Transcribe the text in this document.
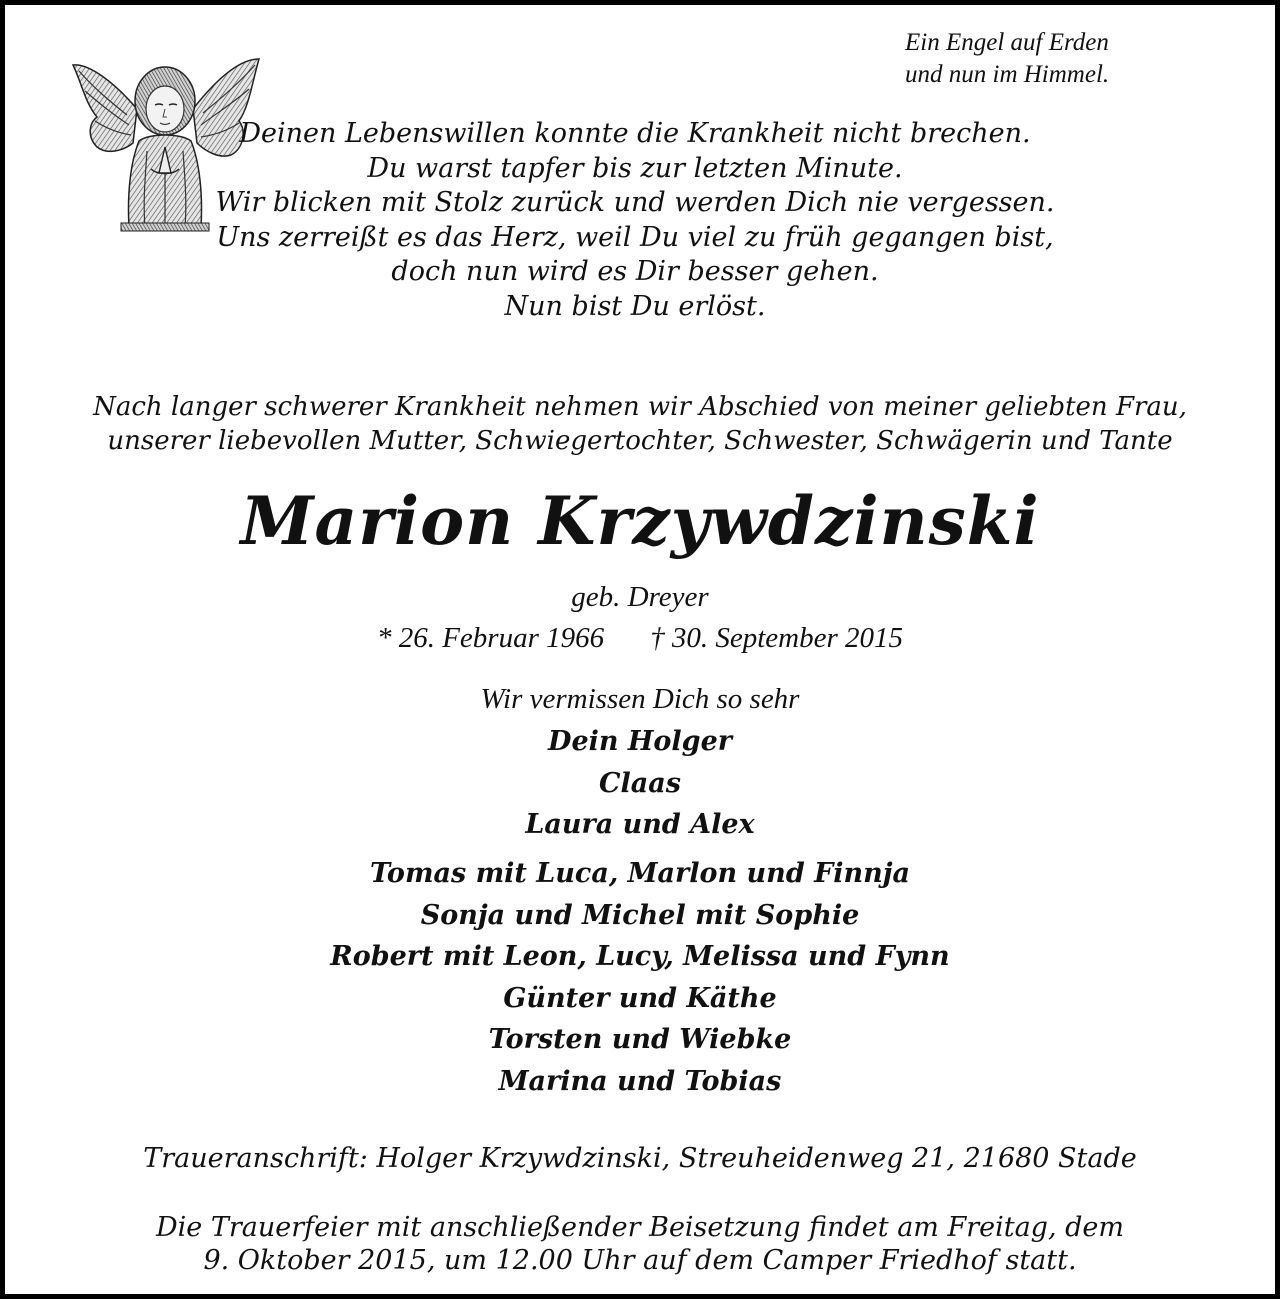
Ein Engel auf Erden
und nun im Himmel.
Deinen Lebenswillen konnte die Krankheit nicht brechen.
Du warst tapfer bis zur letzten Minute.
Wir blicken mit Stolz zurück und werden Dich nie vergessen.
Uns zerreißt es das Herz, weil Du viel zu früh gegangen bist,
doch nun wird es Dir besser gehen.
Nun bist Du erlöst.
Nach langer schwerer Krankheit nehmen wir Abschied von meiner geliebten Frau,
unserer liebevollen Mutter, Schwiegertochter, Schwester, Schwägerin und Tante
Marion Krzywdzinski
geb. Dreyer
* 26. Februar 1966 † 30. September 2015
Wir vermissen Dich so sehr
Dein Holger
Claas
Laura und Alex
Tomas mit Luca, Marlon und Finnja
Sonja und Michel mit Sophie
Robert mit Leon, Lucy, Melissa und Fynn
Günter und Käthe
Torsten und Wiebke
Marina und Tobias
Traueranschrift: Holger Krzywdzinski, Streuheidenweg 21, 21680 Stade
Die Trauerfeier mit anschließender Beisetzung findet am Freitag, dem
9. Oktober 2015, um 12.00 Uhr auf dem Camper Friedhof statt.
